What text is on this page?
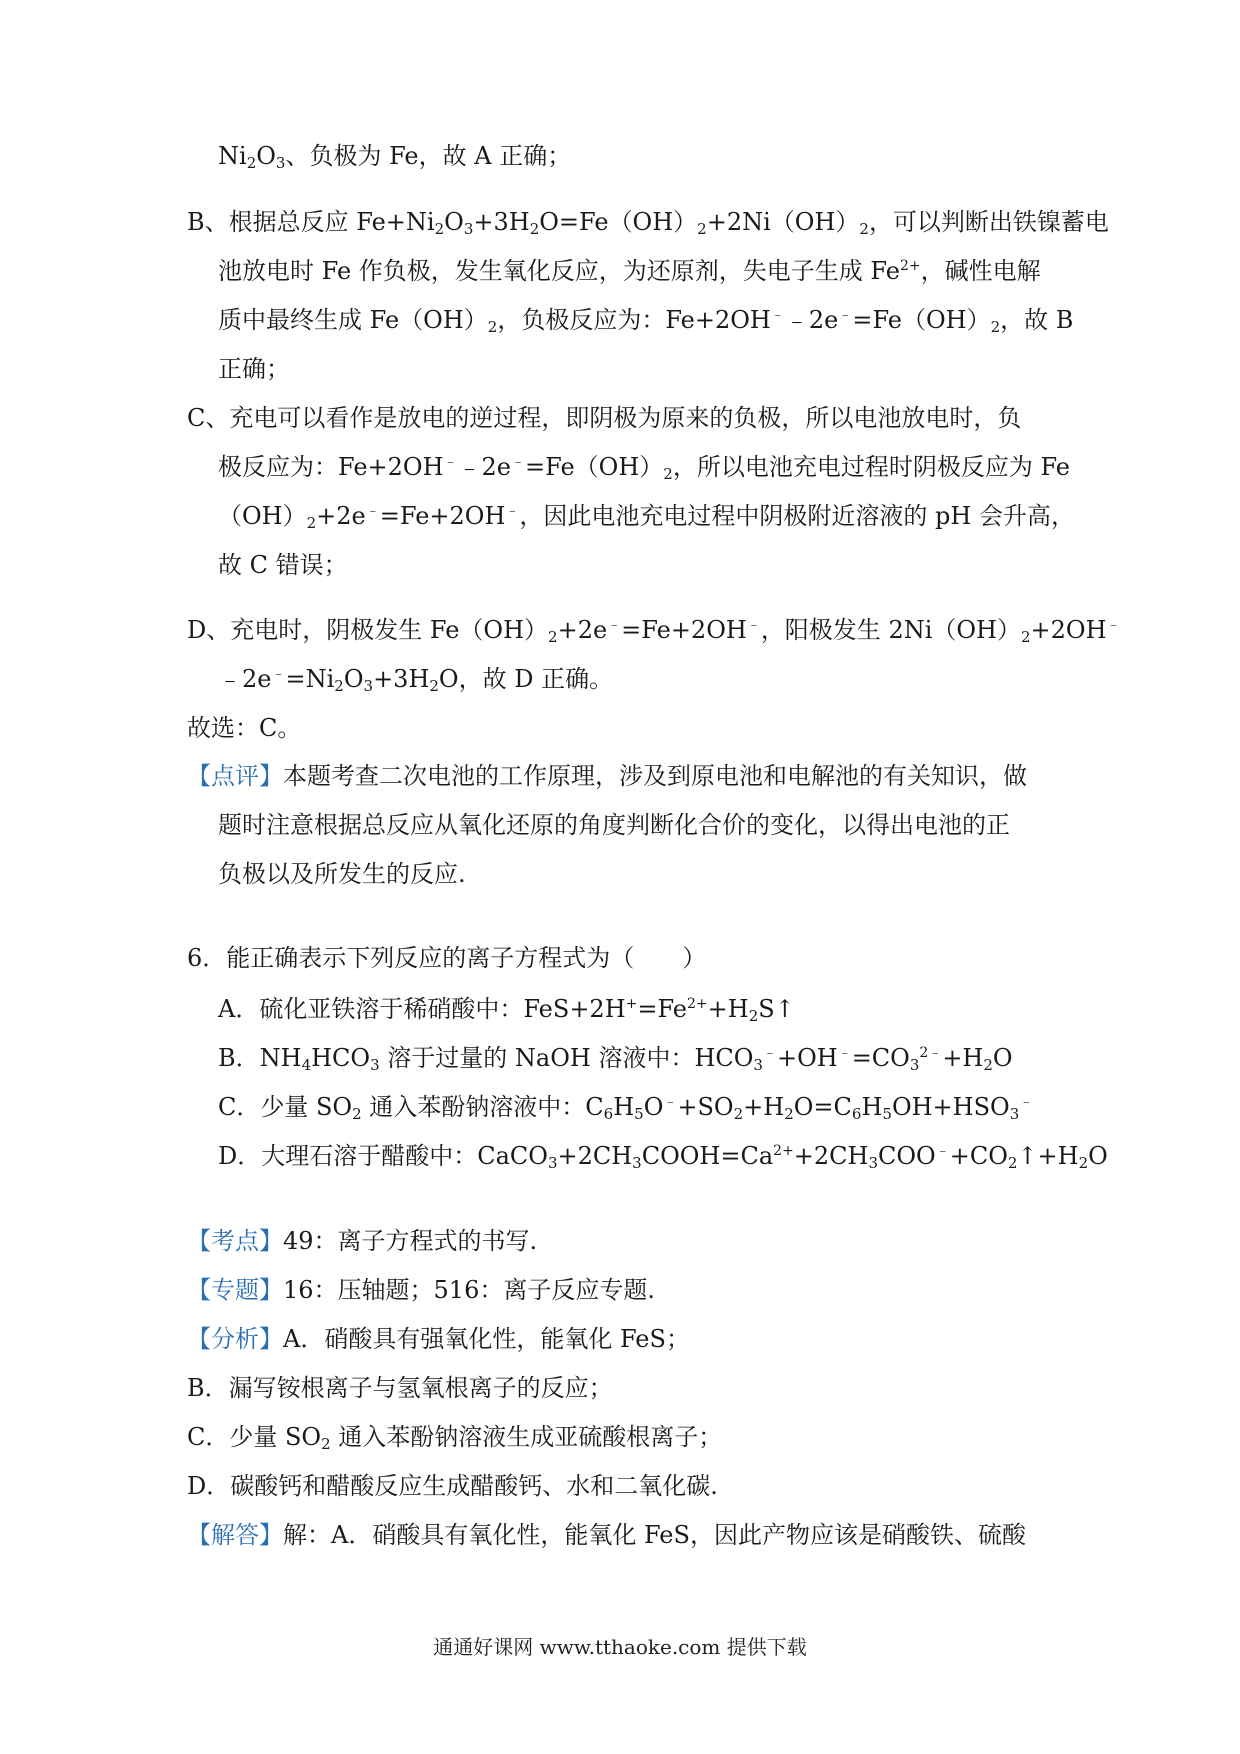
$Ni_2O_3$、负极为 Fe，故 A 正确；
B、根据总反应 $Fe+Ni_2O_3+3H_2O=Fe(OH)_2+2Ni(OH)_2$，可以判断出铁镍蓄电
池放电时 Fe 作负极，发生氧化反应，为还原剂，失电子生成 $Fe^{2+}$，碱性电解
质中最终生成 $Fe(OH)_2$，负极反应为：$Fe+2OH^﹣﹣2e^﹣=Fe(OH)_2$，故 B
正确；
C、充电可以看作是放电的逆过程，即阴极为原来的负极，所以电池放电时，负
极反应为：$Fe+2OH^﹣﹣2e^﹣=Fe(OH)_2$，所以电池充电过程时阴极反应为 Fe
$(OH)_2+2e^﹣=Fe+2OH^﹣$，因此电池充电过程中阴极附近溶液的 pH 会升高，
故 C 错误；
D、充电时，阴极发生 $Fe(OH)_2+2e^﹣=Fe+2OH^﹣$，阳极发生 $2Ni(OH)_2+2OH^﹣$
$﹣2e^﹣=Ni_2O_3+3H_2O$，故 D 正确。
故选：C。
【点评】本题考查二次电池的工作原理，涉及到原电池和电解池的有关知识，做
题时注意根据总反应从氧化还原的角度判断化合价的变化，以得出电池的正
负极以及所发生的反应.
6．能正确表示下列反应的离子方程式为（　　）
A．硫化亚铁溶于稀硝酸中：$FeS+2H^+=Fe^{2+}+H_2S↑$
B．$NH_4HCO_3$ 溶于过量的 NaOH 溶液中：$HCO_3^﹣+OH^﹣=CO_3^{2﹣}+H_2O$
C．少量 $SO_2$ 通入苯酚钠溶液中：$C_6H_5O^﹣+SO_2+H_2O=C_6H_5OH+HSO_3^﹣$
D．大理石溶于醋酸中：$CaCO_3+2CH_3COOH=Ca^{2+}+2CH_3COO^﹣+CO_2↑+H_2O$
【考点】49：离子方程式的书写.
【专题】16：压轴题；516：离子反应专题.
【分析】A．硝酸具有强氧化性，能氧化 FeS；
B．漏写铵根离子与氢氧根离子的反应；
C．少量 $SO_2$ 通入苯酚钠溶液生成亚硫酸根离子；
D．碳酸钙和醋酸反应生成醋酸钙、水和二氧化碳.
【解答】解：A．硝酸具有氧化性，能氧化 FeS，因此产物应该是硝酸铁、硫酸
通通好课网 www.tthaoke.com 提供下载
